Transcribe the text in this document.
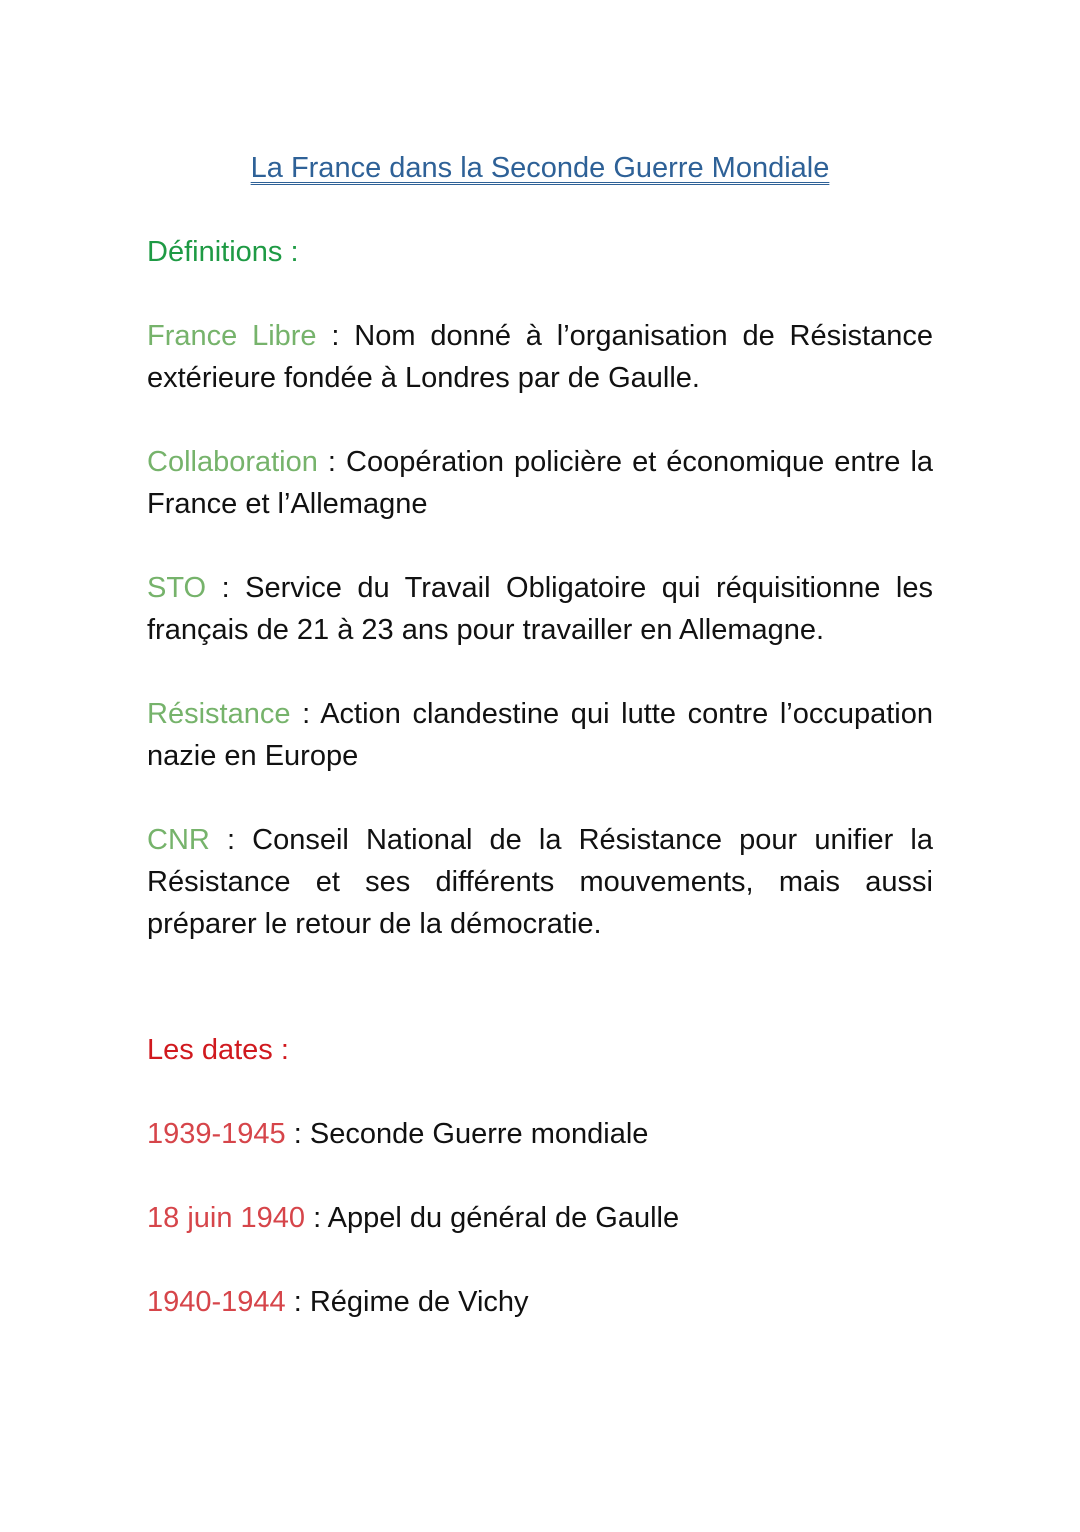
La France dans la Seconde Guerre Mondiale
Définitions :

France Libre : Nom donné à l’organisation de Résistance extérieure fondée à Londres par de Gaulle.

Collaboration : Coopération policière et économique entre la France et l’Allemagne

STO : Service du Travail Obligatoire qui réquisitionne les français de 21 à 23 ans pour travailler en Allemagne.

Résistance : Action clandestine qui lutte contre l’occupation nazie en Europe

CNR : Conseil National de la Résistance pour unifier la Résistance et ses différents mouvements, mais aussi préparer le retour de la démocratie.

Les dates :

1939-1945 : Seconde Guerre mondiale

18 juin 1940 : Appel du général de Gaulle

1940-1944 : Régime de Vichy
